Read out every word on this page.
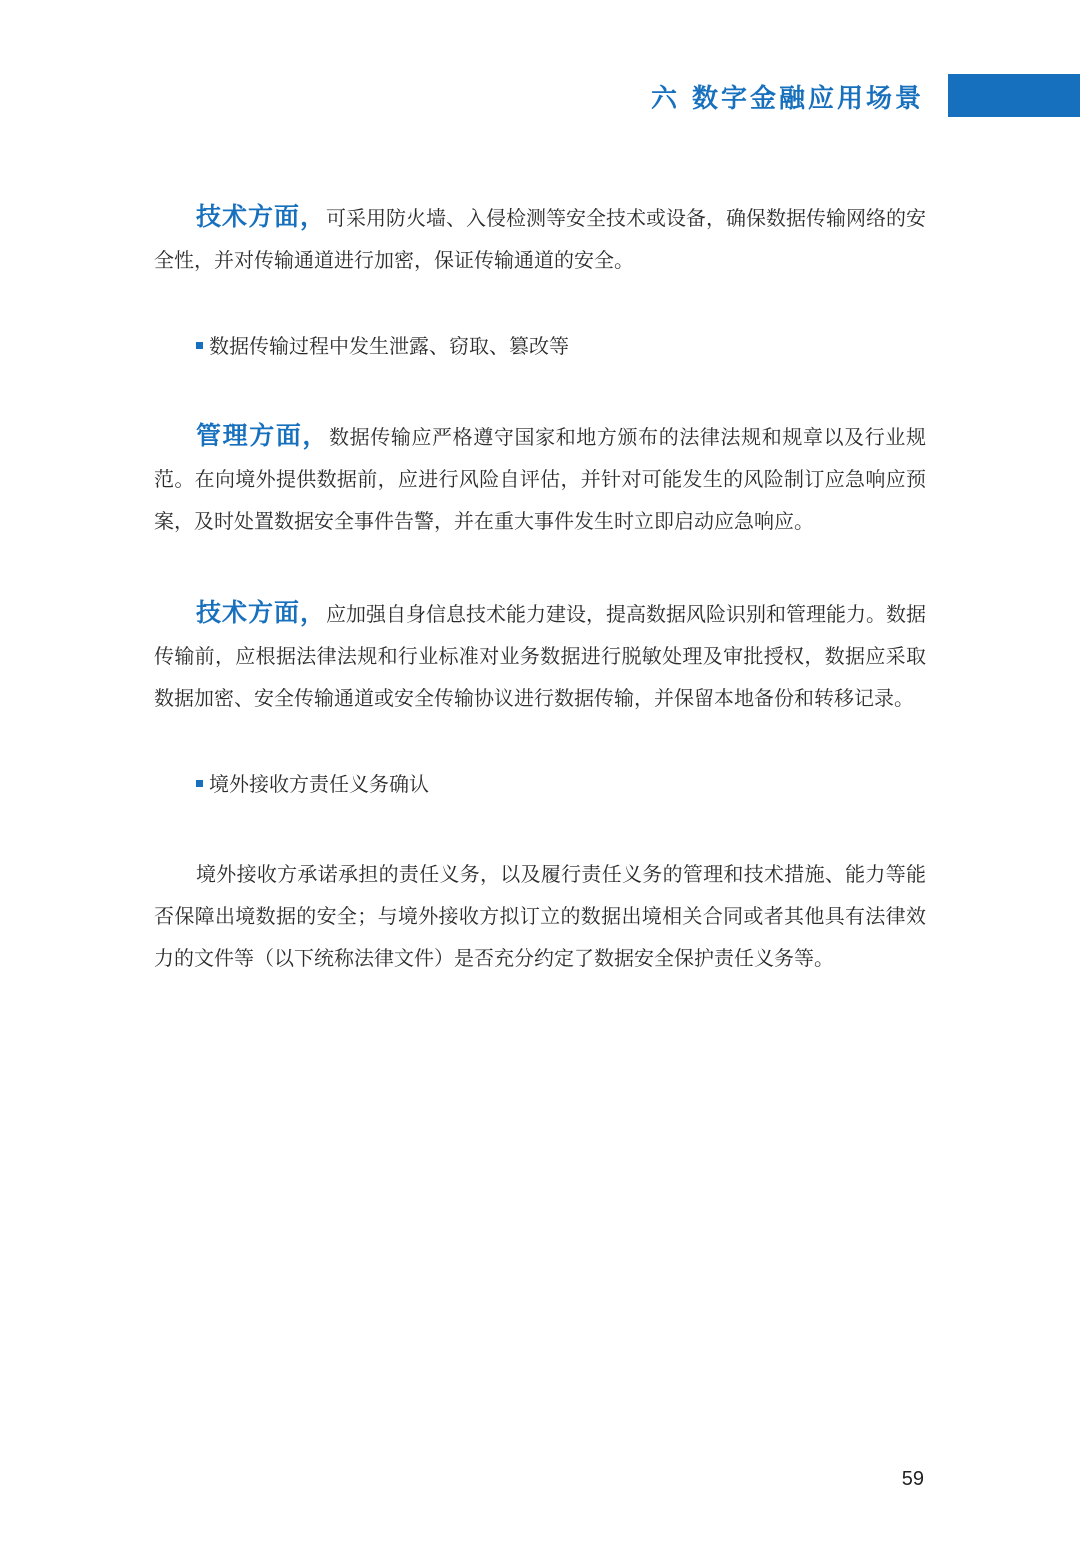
六 数字金融应用场景

技术方面，可采用防火墙、入侵检测等安全技术或设备，确保数据传输网络的安全性，并对传输通道进行加密，保证传输通道的安全。

数据传输过程中发生泄露、窃取、篡改等

管理方面，数据传输应严格遵守国家和地方颁布的法律法规和规章以及行业规范。在向境外提供数据前，应进行风险自评估，并针对可能发生的风险制订应急响应预案，及时处置数据安全事件告警，并在重大事件发生时立即启动应急响应。

技术方面，应加强自身信息技术能力建设，提高数据风险识别和管理能力。数据传输前，应根据法律法规和行业标准对业务数据进行脱敏处理及审批授权，数据应采取数据加密、安全传输通道或安全传输协议进行数据传输，并保留本地备份和转移记录。

境外接收方责任义务确认

境外接收方承诺承担的责任义务，以及履行责任义务的管理和技术措施、能力等能否保障出境数据的安全；与境外接收方拟订立的数据出境相关合同或者其他具有法律效力的文件等（以下统称法律文件）是否充分约定了数据安全保护责任义务等。

59
